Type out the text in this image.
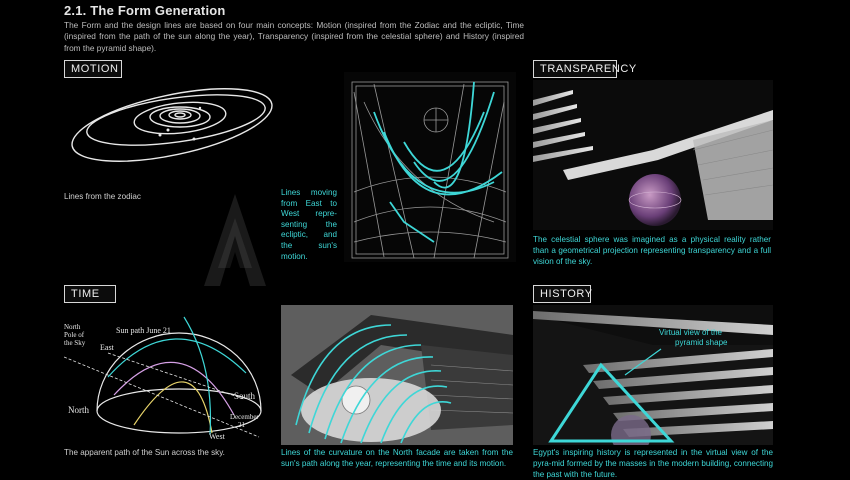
2.1. The Form Generation
The Form and the design lines are based on four main concepts: Motion (inspired from the Zodiac and the ecliptic, Time (inspired from the path of the sun along the year), Transparency (inspired from the celestial sphere) and History (inspired from the pyramid shape).
MOTION
TIME
TRANSPARENCY
HISTORY
North
Pole of
the Sky
Sun path June 21
East
South
North
West
December
21
Virtual view of the
pyramid shape
Lines from the zodiac	Lines moving from East to West repre-senting the ecliptic, and the sun's motion.
The celestial sphere was imagined as a physical reality rather than a geometrical projection representing transparency and a full vision of the sky.
The apparent path of the Sun across the sky.	Lines of the curvature on the North facade are taken from the sun's path along the year, representing the time and its motion.
Egypt's inspiring history is represented in the virtual view of the pyra-mid formed by the masses in the modern building, connecting the past with the future.
